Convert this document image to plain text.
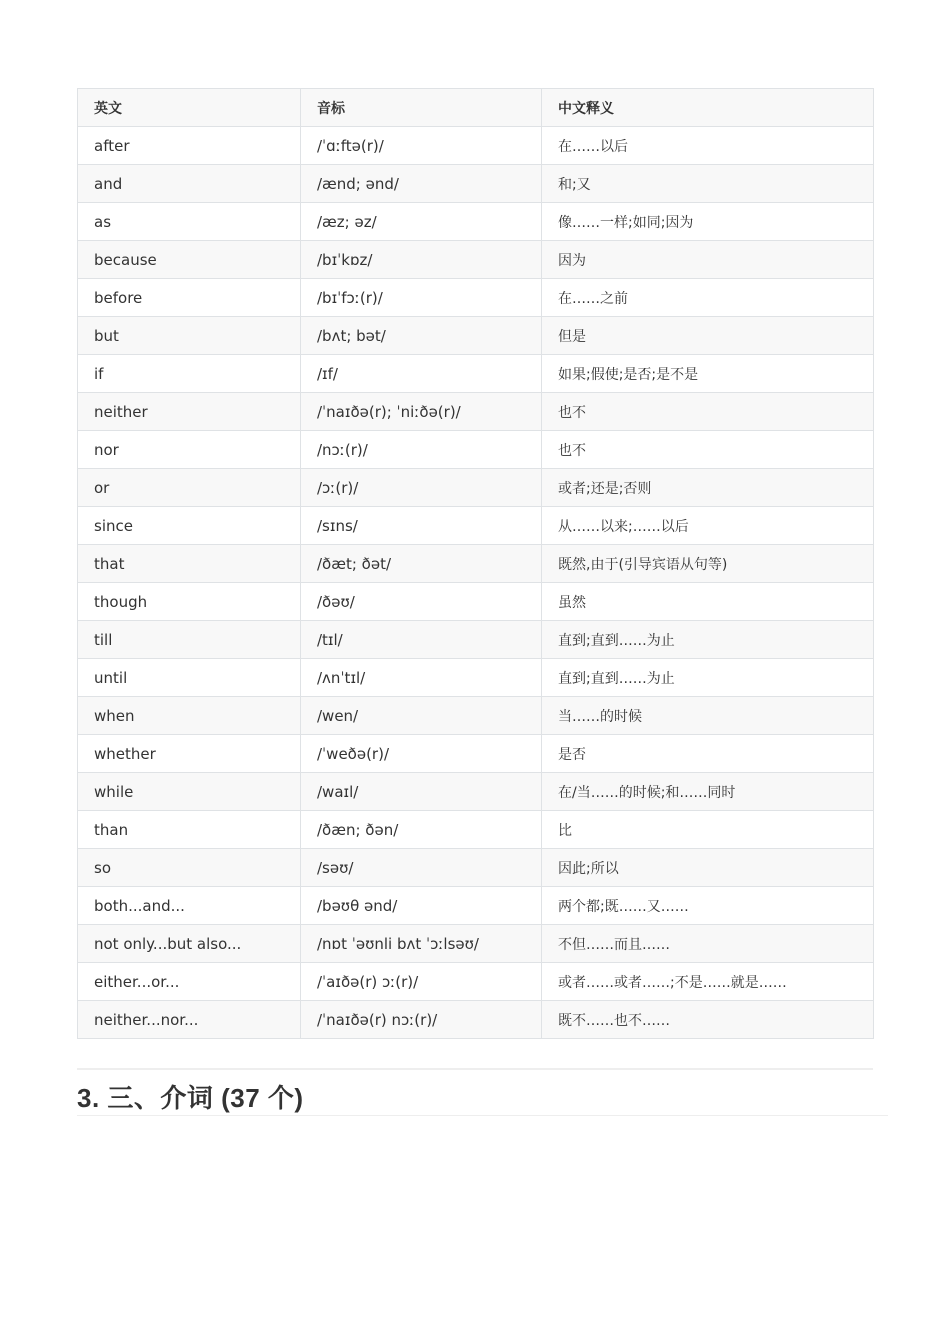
英文	音标	中文释义
after	/ˈɑːftə(r)/	在……以后
and	/ænd; ənd/	和;又
as	/æz; əz/	像……一样;如同;因为
because	/bɪˈkɒz/	因为
before	/bɪˈfɔː(r)/	在……之前
but	/bʌt; bət/	但是
if	/ɪf/	如果;假使;是否;是不是
neither	/ˈnaɪðə(r); ˈniːðə(r)/	也不
nor	/nɔː(r)/	也不
or	/ɔː(r)/	或者;还是;否则
since	/sɪns/	从……以来;……以后
that	/ðæt; ðət/	既然,由于(引导宾语从句等)
though	/ðəʊ/	虽然
till	/tɪl/	直到;直到……为止
until	/ʌnˈtɪl/	直到;直到……为止
when	/wen/	当……的时候
whether	/ˈweðə(r)/	是否
while	/waɪl/	在/当……的时候;和……同时
than	/ðæn; ðən/	比
so	/səʊ/	因此;所以
both...and...	/bəʊθ ənd/	两个都;既……又……
not only...but also...	/nɒt ˈəʊnli bʌt ˈɔːlsəʊ/	不但……而且……
either...or...	/ˈaɪðə(r) ɔː(r)/	或者……或者……;不是……就是……
neither...nor...	/ˈnaɪðə(r) nɔː(r)/	既不……也不……
3. 三、介词 (37 个)
